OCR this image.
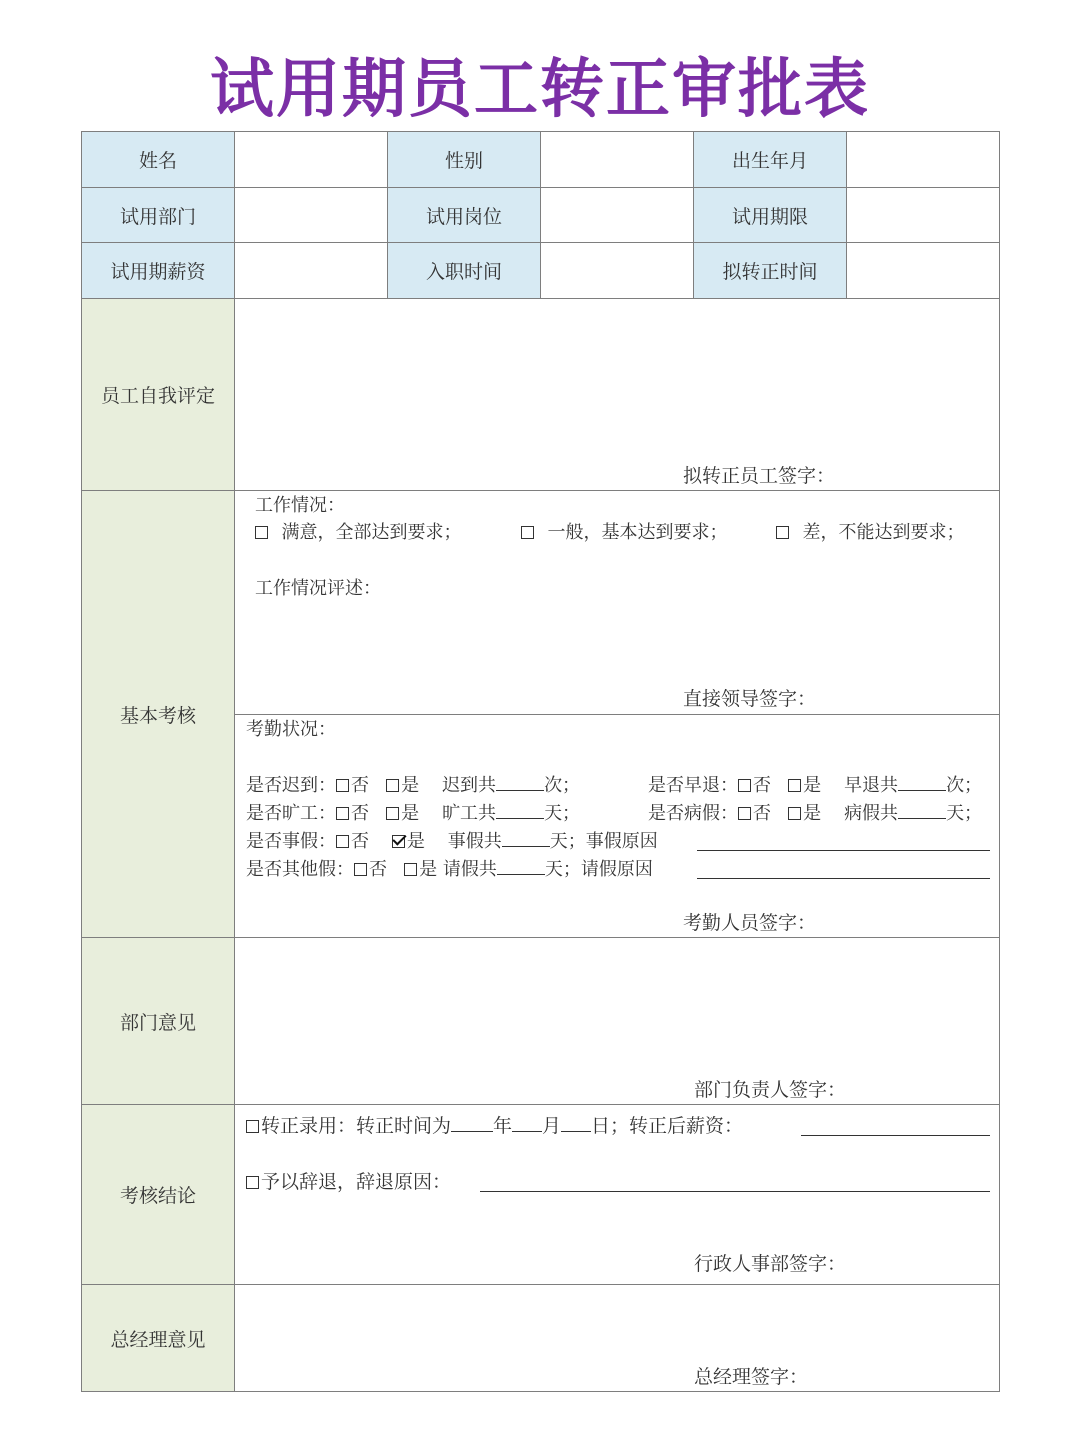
试用期员工转正审批表
姓名	性别	出生年月
试用部门	试用岗位	试用期限
试用期薪资	入职时间	拟转正时间
员工自我评定
拟转正员工签字：
基本考核
工作情况：
满意，全部达到要求；	一般，基本达到要求；	差，不能达到要求；
工作情况评述：
直接领导签字：
考勤状况：
是否迟到： 否 是 迟到共	次；	是否早退： 否 是 早退共	次；
是否旷工： 否 是 旷工共	天；	是否病假： 否 是 病假共	天；
是否事假： 否 是 事假共	天；事假原因
是否其他假： 否 是 请假共	天；请假原因
考勤人员签字：
部门意见
部门负责人签字：
考核结论
转正录用：转正时间为 年 月 日；转正后薪资：
予以辞退，辞退原因：
行政人事部签字：
总经理意见
总经理签字：
